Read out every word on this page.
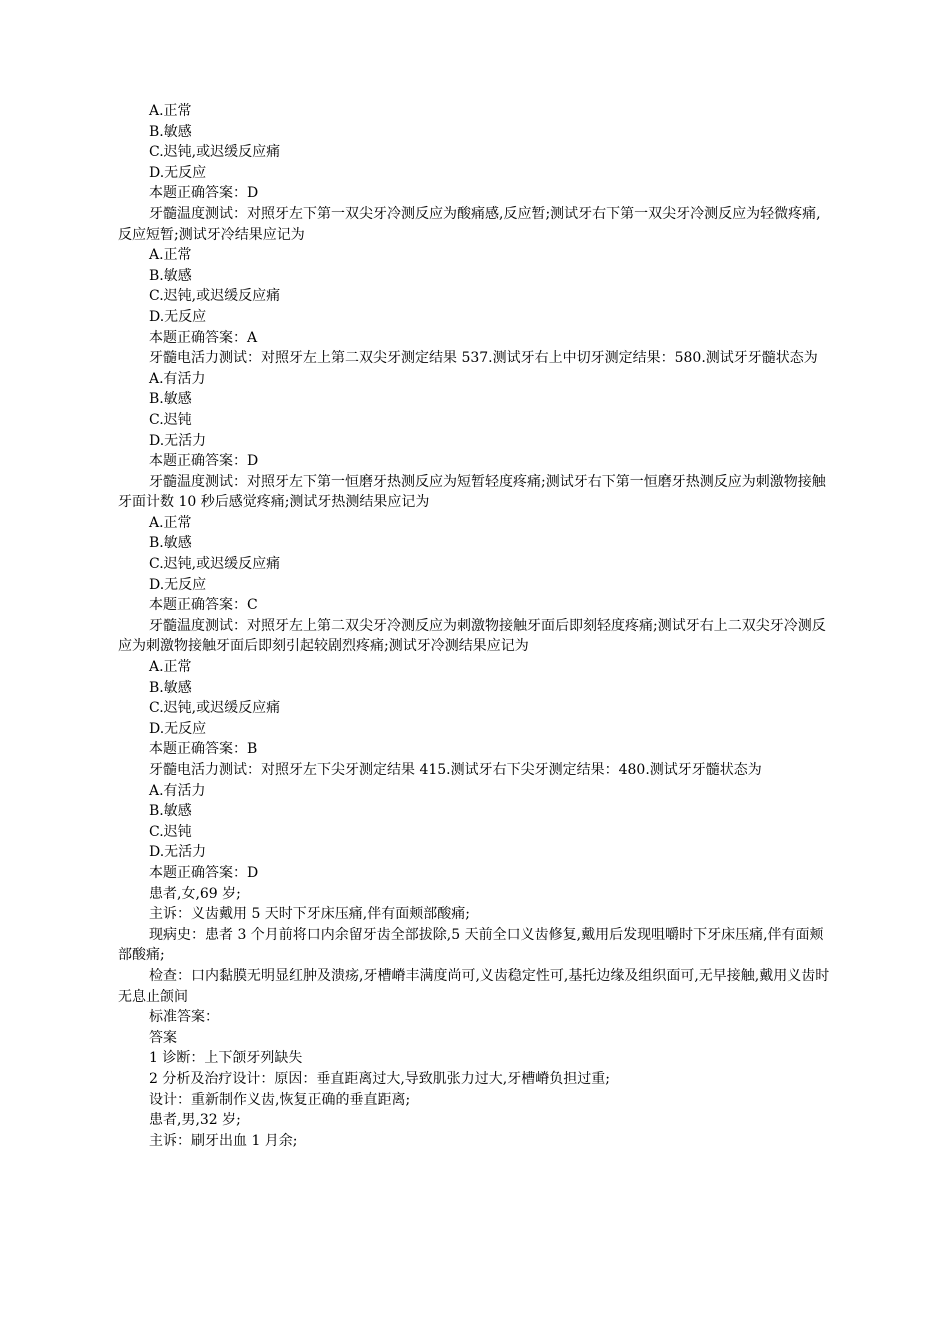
A.正常

B.敏感

C.迟钝,或迟缓反应痛

D.无反应

本题正确答案：D

牙髓温度测试：对照牙左下第一双尖牙冷测反应为酸痛感,反应暂;测试牙右下第一双尖牙冷测反应为轻微疼痛,反应短暂;测试牙冷结果应记为

A.正常

B.敏感

C.迟钝,或迟缓反应痛

D.无反应

本题正确答案：A

牙髓电活力测试：对照牙左上第二双尖牙测定结果 537.测试牙右上中切牙测定结果：580.测试牙牙髓状态为

A.有活力

B.敏感

C.迟钝

D.无活力

本题正确答案：D

牙髓温度测试：对照牙左下第一恒磨牙热测反应为短暂轻度疼痛;测试牙右下第一恒磨牙热测反应为刺激物接触牙面计数 10 秒后感觉疼痛;测试牙热测结果应记为

A.正常

B.敏感

C.迟钝,或迟缓反应痛

D.无反应

本题正确答案：C

牙髓温度测试：对照牙左上第二双尖牙冷测反应为刺激物接触牙面后即刻轻度疼痛;测试牙右上二双尖牙冷测反应为刺激物接触牙面后即刻引起较剧烈疼痛;测试牙冷测结果应记为

A.正常

B.敏感

C.迟钝,或迟缓反应痛

D.无反应

本题正确答案：B

牙髓电活力测试：对照牙左下尖牙测定结果 415.测试牙右下尖牙测定结果：480.测试牙牙髓状态为

A.有活力

B.敏感

C.迟钝

D.无活力

本题正确答案：D

患者,女,69 岁;

主诉：义齿戴用 5 天时下牙床压痛,伴有面颊部酸痛;

现病史：患者 3 个月前将口内余留牙齿全部拔除,5 天前全口义齿修复,戴用后发现咀嚼时下牙床压痛,伴有面颊部酸痛;

检查：口内黏膜无明显红肿及溃疡,牙槽嵴丰满度尚可,义齿稳定性可,基托边缘及组织面可,无早接触,戴用义齿时无息止颌间

标准答案：

答案

1 诊断：上下颌牙列缺失

2 分析及治疗设计：原因：垂直距离过大,导致肌张力过大,牙槽嵴负担过重;

设计：重新制作义齿,恢复正确的垂直距离;

患者,男,32 岁;

主诉：刷牙出血 1 月余;
